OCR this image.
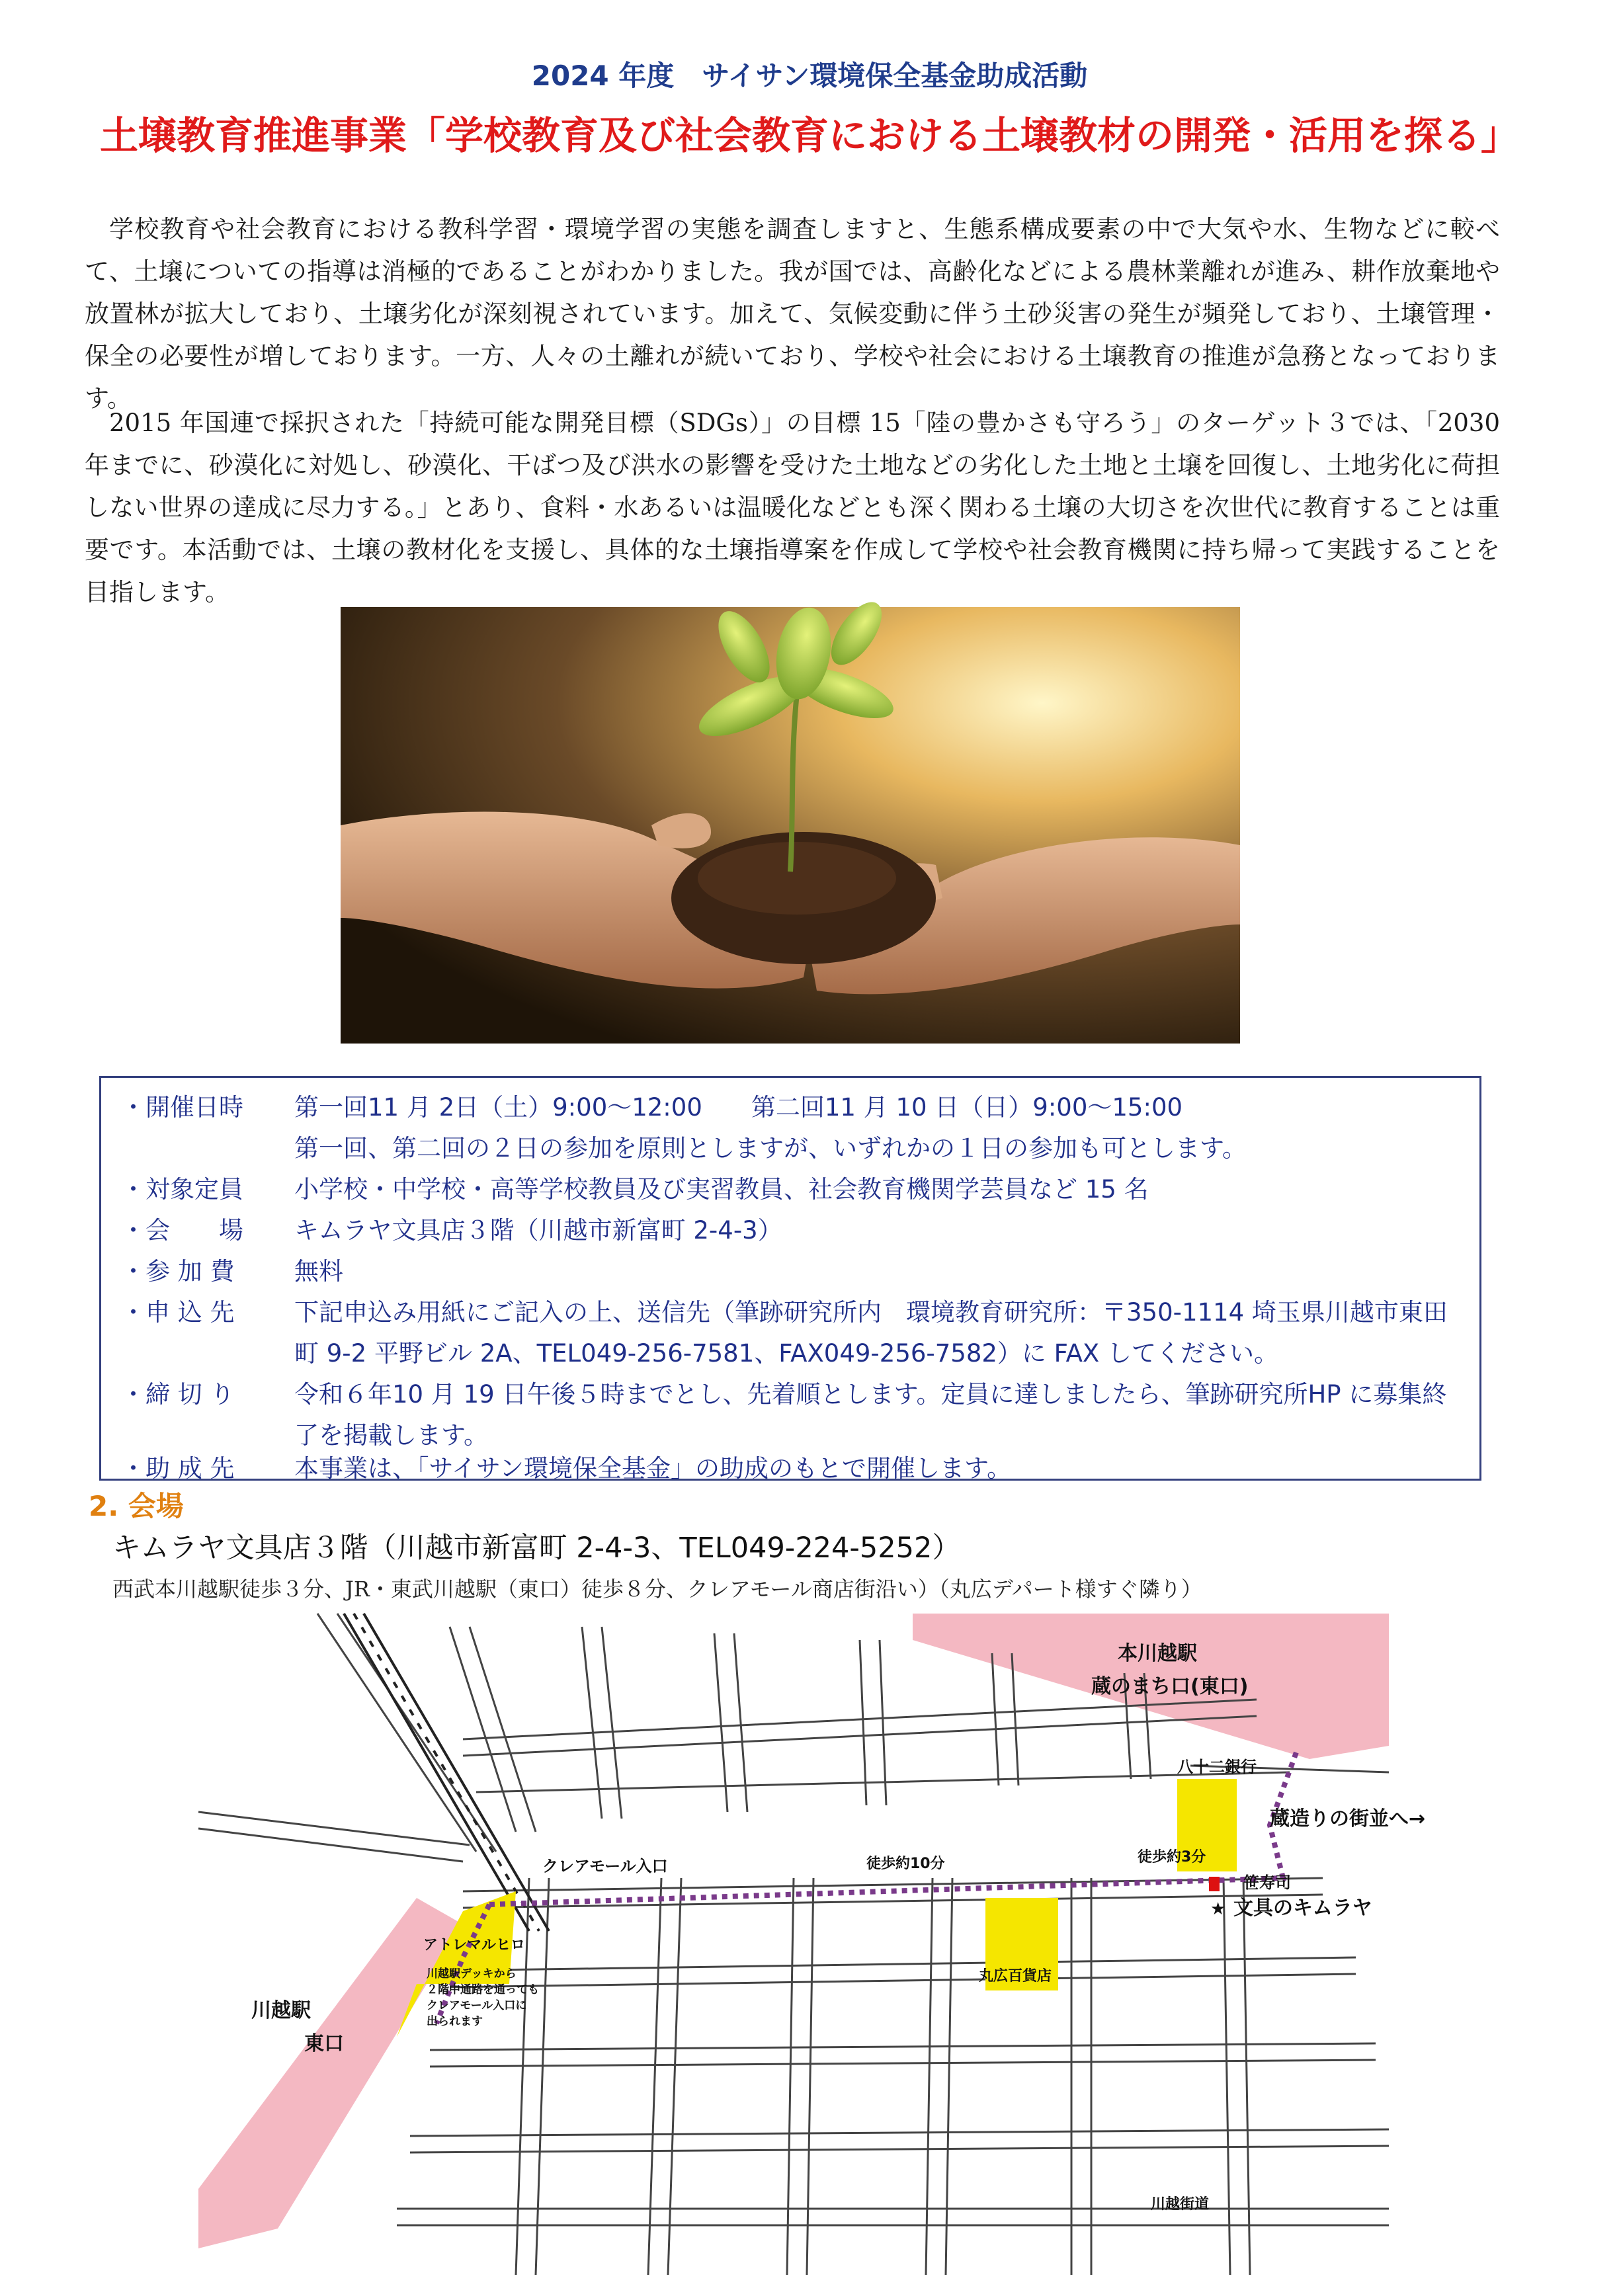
2024 年度　サイサン環境保全基金助成活動
土壌教育推進事業「学校教育及び社会教育における土壌教材の開発・活用を探る」

学校教育や社会教育における教科学習・環境学習の実態を調査しますと、生態系構成要素の中で大気や水、生物などに較べて、土壌についての指導は消極的であることがわかりました。我が国では、高齢化などによる農林業離れが進み、耕作放棄地や放置林が拡大しており、土壌劣化が深刻視されています。加えて、気候変動に伴う土砂災害の発生が頻発しており、土壌管理・保全の必要性が増しております。一方、人々の土離れが続いており、学校や社会における土壌教育の推進が急務となっております。

2015 年国連で採択された「持続可能な開発目標（SDGs）」の目標 15「陸の豊かさも守ろう」のターゲット３では、「2030 年までに、砂漠化に対処し、砂漠化、干ばつ及び洪水の影響を受けた土地などの劣化した土地と土壌を回復し、土地劣化に荷担しない世界の達成に尽力する。」とあり、食料・水あるいは温暖化などとも深く関わる土壌の大切さを次世代に教育することは重要です。本活動では、土壌の教材化を支援し、具体的な土壌指導案を作成して学校や社会教育機関に持ち帰って実践することを目指します。

・開催日時 第一回11 月 2日（土）9:00～12:00　　第二回11 月 10 日（日）9:00～15:00
第一回、第二回の２日の参加を原則としますが、いずれかの１日の参加も可とします。
・対象定員 小学校・中学校・高等学校教員及び実習教員、社会教育機関学芸員など 15 名
・会　　場 キムラヤ文具店３階（川越市新富町 2-4-3）
・参 加 費 無料
・申 込 先 下記申込み用紙にご記入の上、送信先（筆跡研究所内　環境教育研究所：〒350-1114 埼玉県川越市東田
町 9-2 平野ビル 2A、TEL049-256-7581、FAX049-256-7582）に FAX してください。
・締 切 り 令和６年10 月 19 日午後５時までとし、先着順とします。定員に達しましたら、筆跡研究所HP に募集終
了を掲載します。
・助 成 先 本事業は、「サイサン環境保全基金」の助成のもとで開催します。
2. 会場
キムラヤ文具店３階（川越市新富町 2-4-3、TEL049-224-5252）
西武本川越駅徒歩３分、JR・東武川越駅（東口）徒歩８分、クレアモール商店街沿い）（丸広デパート様すぐ隣り）
★
本川越駅
蔵のまち口(東口)
八十二銀行
蔵造りの街並へ→
クレアモール入口	徒歩約10分	徒歩約3分
笹寿司
文具のキムラヤ
アトレマルヒロ
川越駅デッキから
２階中通路を通っても
クレアモール入口に
出られます
丸広百貨店
川越駅
東口
川越街道
